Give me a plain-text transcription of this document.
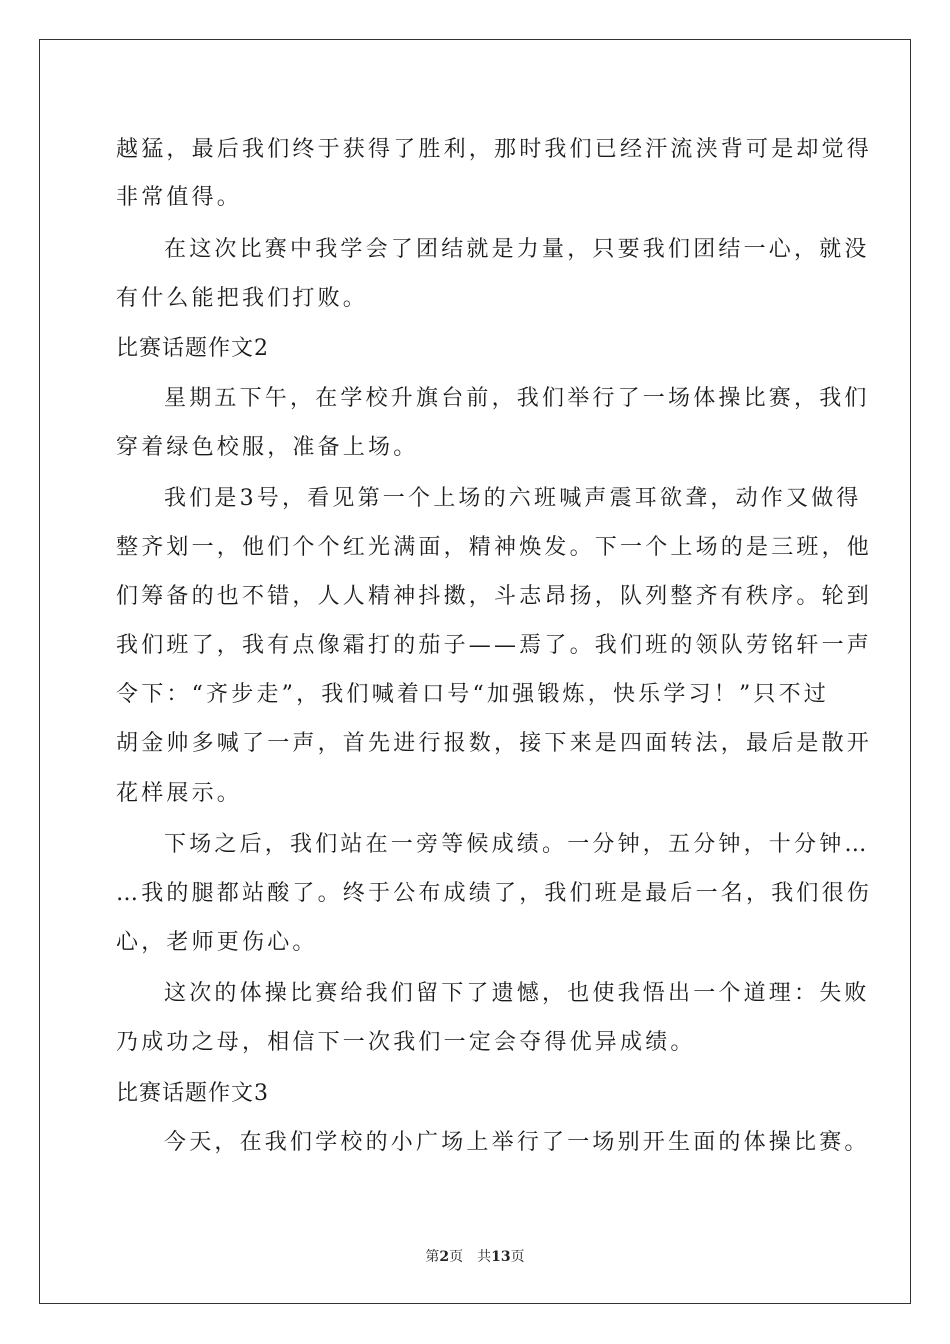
越猛，最后我们终于获得了胜利，那时我们已经汗流浃背可是却觉得
非常值得。
在这次比赛中我学会了团结就是力量，只要我们团结一心，就没
有什么能把我们打败。
比赛话题作文2
星期五下午，在学校升旗台前，我们举行了一场体操比赛，我们
穿着绿色校服，准备上场。
我们是3号，看见第一个上场的六班喊声震耳欲聋，动作又做得
整齐划一，他们个个红光满面，精神焕发。下一个上场的是三班，他
们筹备的也不错，人人精神抖擞，斗志昂扬，队列整齐有秩序。轮到
我们班了，我有点像霜打的茄子——焉了。我们班的领队劳铭轩一声
令下：“齐步走”，我们喊着口号“加强锻炼，快乐学习！”只不过
胡金帅多喊了一声，首先进行报数，接下来是四面转法，最后是散开
花样展示。
下场之后，我们站在一旁等候成绩。一分钟，五分钟，十分钟…
…我的腿都站酸了。终于公布成绩了，我们班是最后一名，我们很伤
心，老师更伤心。
这次的体操比赛给我们留下了遗憾，也使我悟出一个道理：失败
乃成功之母，相信下一次我们一定会夺得优异成绩。
比赛话题作文3
今天，在我们学校的小广场上举行了一场别开生面的体操比赛。
第2页 共13页
